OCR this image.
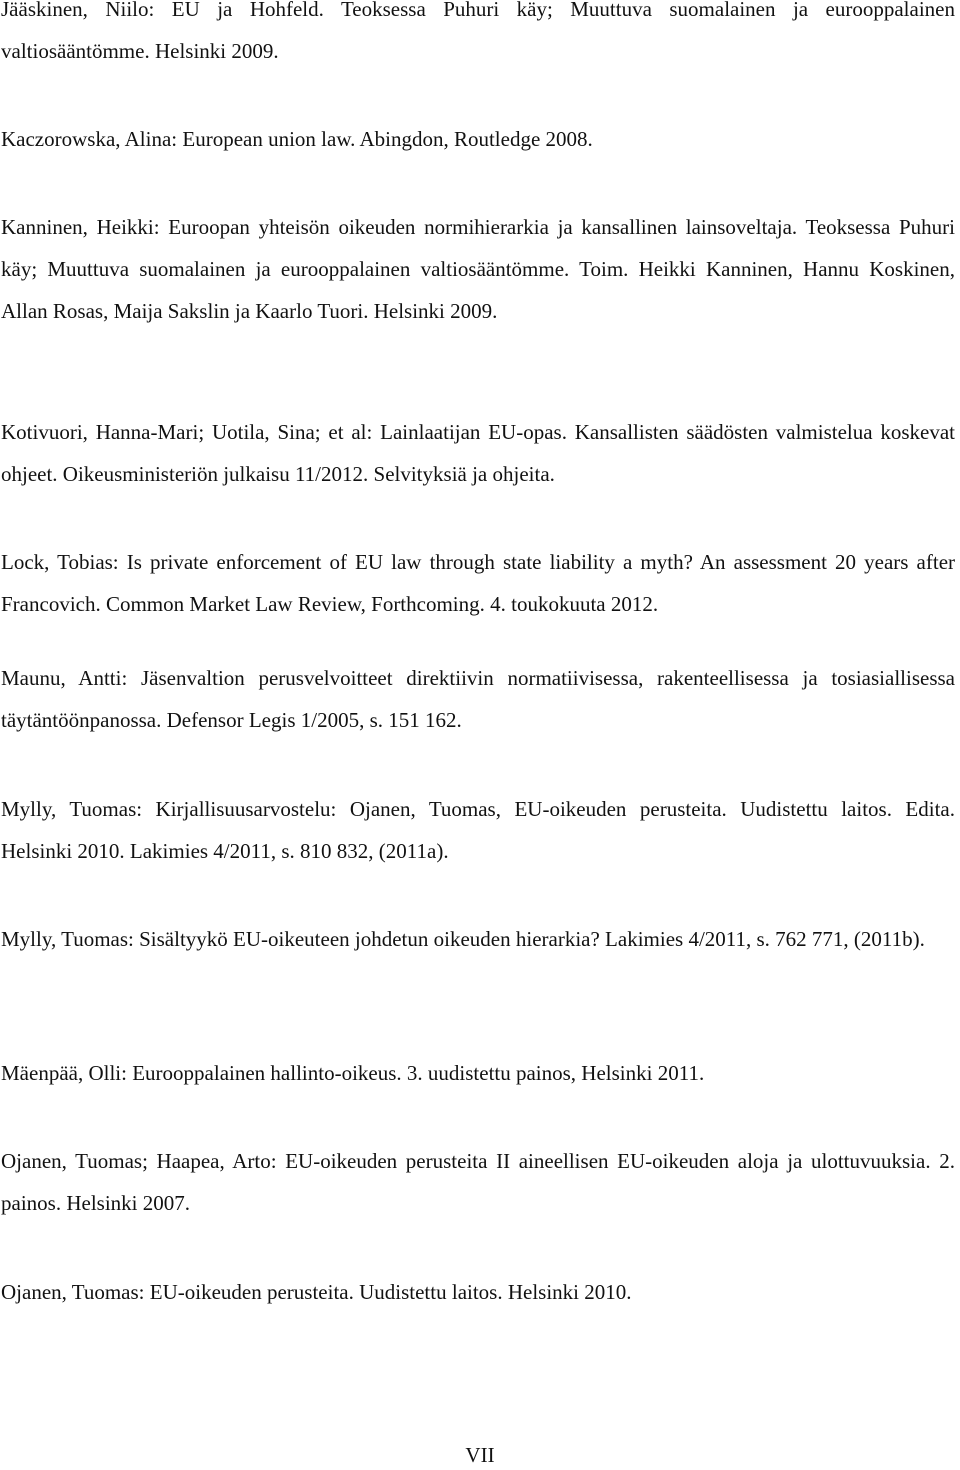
Jääskinen, Niilo: EU ja Hohfeld. Teoksessa Puhuri käy; Muuttuva suomalainen ja eurooppalainen valtiosääntömme. Helsinki 2009.

Kaczorowska, Alina: European union law. Abingdon, Routledge 2008.

Kanninen, Heikki: Euroopan yhteisön oikeuden normihierarkia ja kansallinen lainsoveltaja. Teoksessa Puhuri käy; Muuttuva suomalainen ja eurooppalainen valtiosääntömme. Toim. Heikki Kanninen, Hannu Koskinen, Allan Rosas, Maija Sakslin ja Kaarlo Tuori. Helsinki 2009.

Kotivuori, Hanna-Mari; Uotila, Sina; et al: Lainlaatijan EU-opas. Kansallisten säädösten valmistelua koskevat ohjeet. Oikeusministeriön julkaisu 11/2012. Selvityksiä ja ohjeita.

Lock, Tobias: Is private enforcement of EU law through state liability a myth? An assessment 20 years after Francovich. Common Market Law Review, Forthcoming. 4. toukokuuta 2012.

Maunu, Antti: Jäsenvaltion perusvelvoitteet direktiivin normatiivisessa, rakenteellisessa ja tosiasiallisessa täytäntöönpanossa. Defensor Legis 1/2005, s. 151 162.

Mylly, Tuomas: Kirjallisuusarvostelu: Ojanen, Tuomas, EU-oikeuden perusteita. Uudistettu laitos. Edita. Helsinki 2010. Lakimies 4/2011, s. 810 832, (2011a).

Mylly, Tuomas: Sisältyykö EU-oikeuteen johdetun oikeuden hierarkia? Lakimies 4/2011, s. 762 771, (2011b).

Mäenpää, Olli: Eurooppalainen hallinto-oikeus. 3. uudistettu painos, Helsinki 2011.

Ojanen, Tuomas; Haapea, Arto: EU-oikeuden perusteita II aineellisen EU-oikeuden aloja ja ulottuvuuksia. 2. painos. Helsinki 2007.

Ojanen, Tuomas: EU-oikeuden perusteita. Uudistettu laitos. Helsinki 2010.

VII
